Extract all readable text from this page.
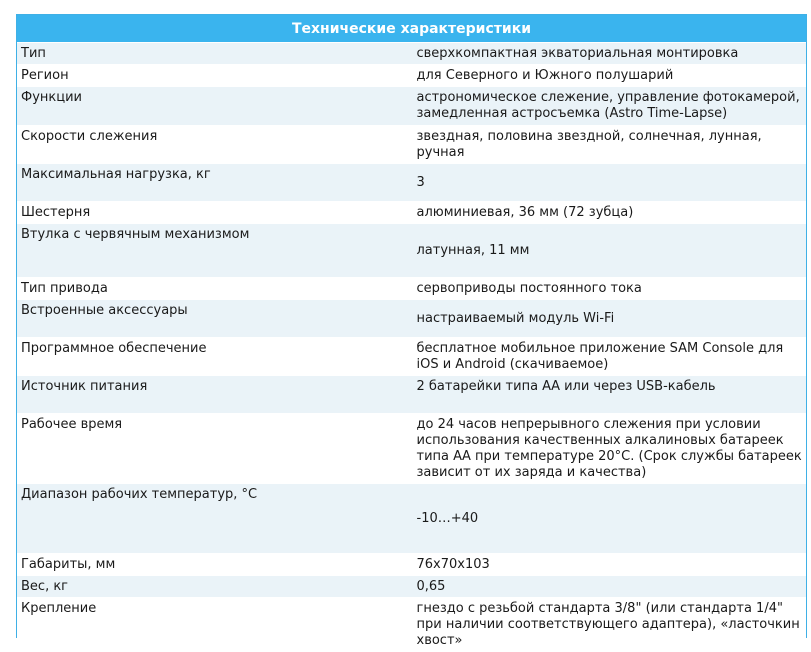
Технические характеристики	
Тип	сверхкомпактная экваториальная монтировка
Регион	для Северного и Южного полушарий
Функции	астрономическое слежение, управление фотокамерой, замедленная астросъемка (Astro Time-Lapse)
Скорости слежения	звездная, половина звездной, солнечная, лунная, ручная
Максимальная нагрузка, кг	3
Шестерня	алюминиевая, 36 мм (72 зубца)
Втулка с червячным механизмом	латунная, 11 мм
Тип привода	сервоприводы постоянного тока
Встроенные аксессуары	настраиваемый модуль Wi-Fi
Программное обеспечение	бесплатное мобильное приложение SAM Console для iOS и Android (скачиваемое)
Источник питания	2 батарейки типа АА или через USB-кабель
Рабочее время	до 24 часов непрерывного слежения при условии использования качественных алкалиновых батареек типа АА при температуре 20°C. (Срок службы батареек зависит от их заряда и качества)
Диапазон рабочих температур, °C	-10…+40
Габариты, мм	76x70x103
Вес, кг	0,65
Крепление	гнездо с резьбой стандарта 3/8" (или стандарта 1/4" при наличии соответствующего адаптера), «ласточкин хвост»
